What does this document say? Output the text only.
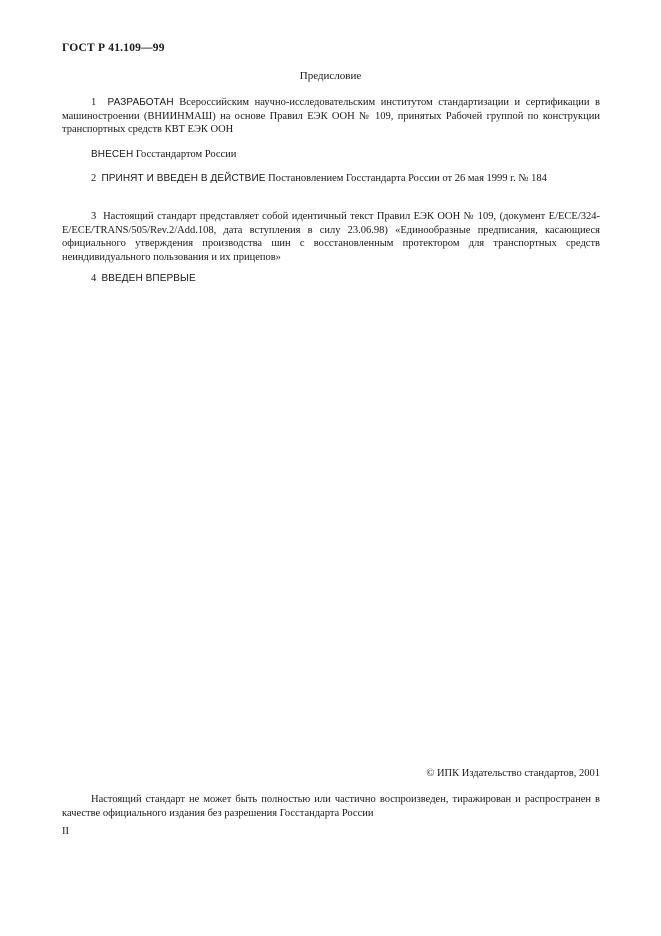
ГОСТ Р 41.109—99
Предисловие
1 РАЗРАБОТАН Всероссийским научно-исследовательским институтом стандартизации и сертификации в машиностроении (ВНИИНМАШ) на основе Правил ЕЭК ООН № 109, принятых Рабочей группой по конструкции транспортных средств КВТ ЕЭК ООН
ВНЕСЕН Госстандартом России
2 ПРИНЯТ И ВВЕДЕН В ДЕЙСТВИЕ Постановлением Госстандарта России от 26 мая 1999 г. № 184
3 Настоящий стандарт представляет собой идентичный текст Правил ЕЭК ООН № 109, (документ E/ECE/324-E/ECE/TRANS/505/Rev.2/Add.108, дата вступления в силу 23.06.98) «Единообразные предписания, касающиеся официального утверждения производства шин с восстановленным протектором для транспортных средств неиндивидуального пользования и их прицепов»
4 ВВЕДЕН ВПЕРВЫЕ
© ИПК Издательство стандартов, 2001
Настоящий стандарт не может быть полностью или частично воспроизведен, тиражирован и распространен в качестве официального издания без разрешения Госстандарта России
II
